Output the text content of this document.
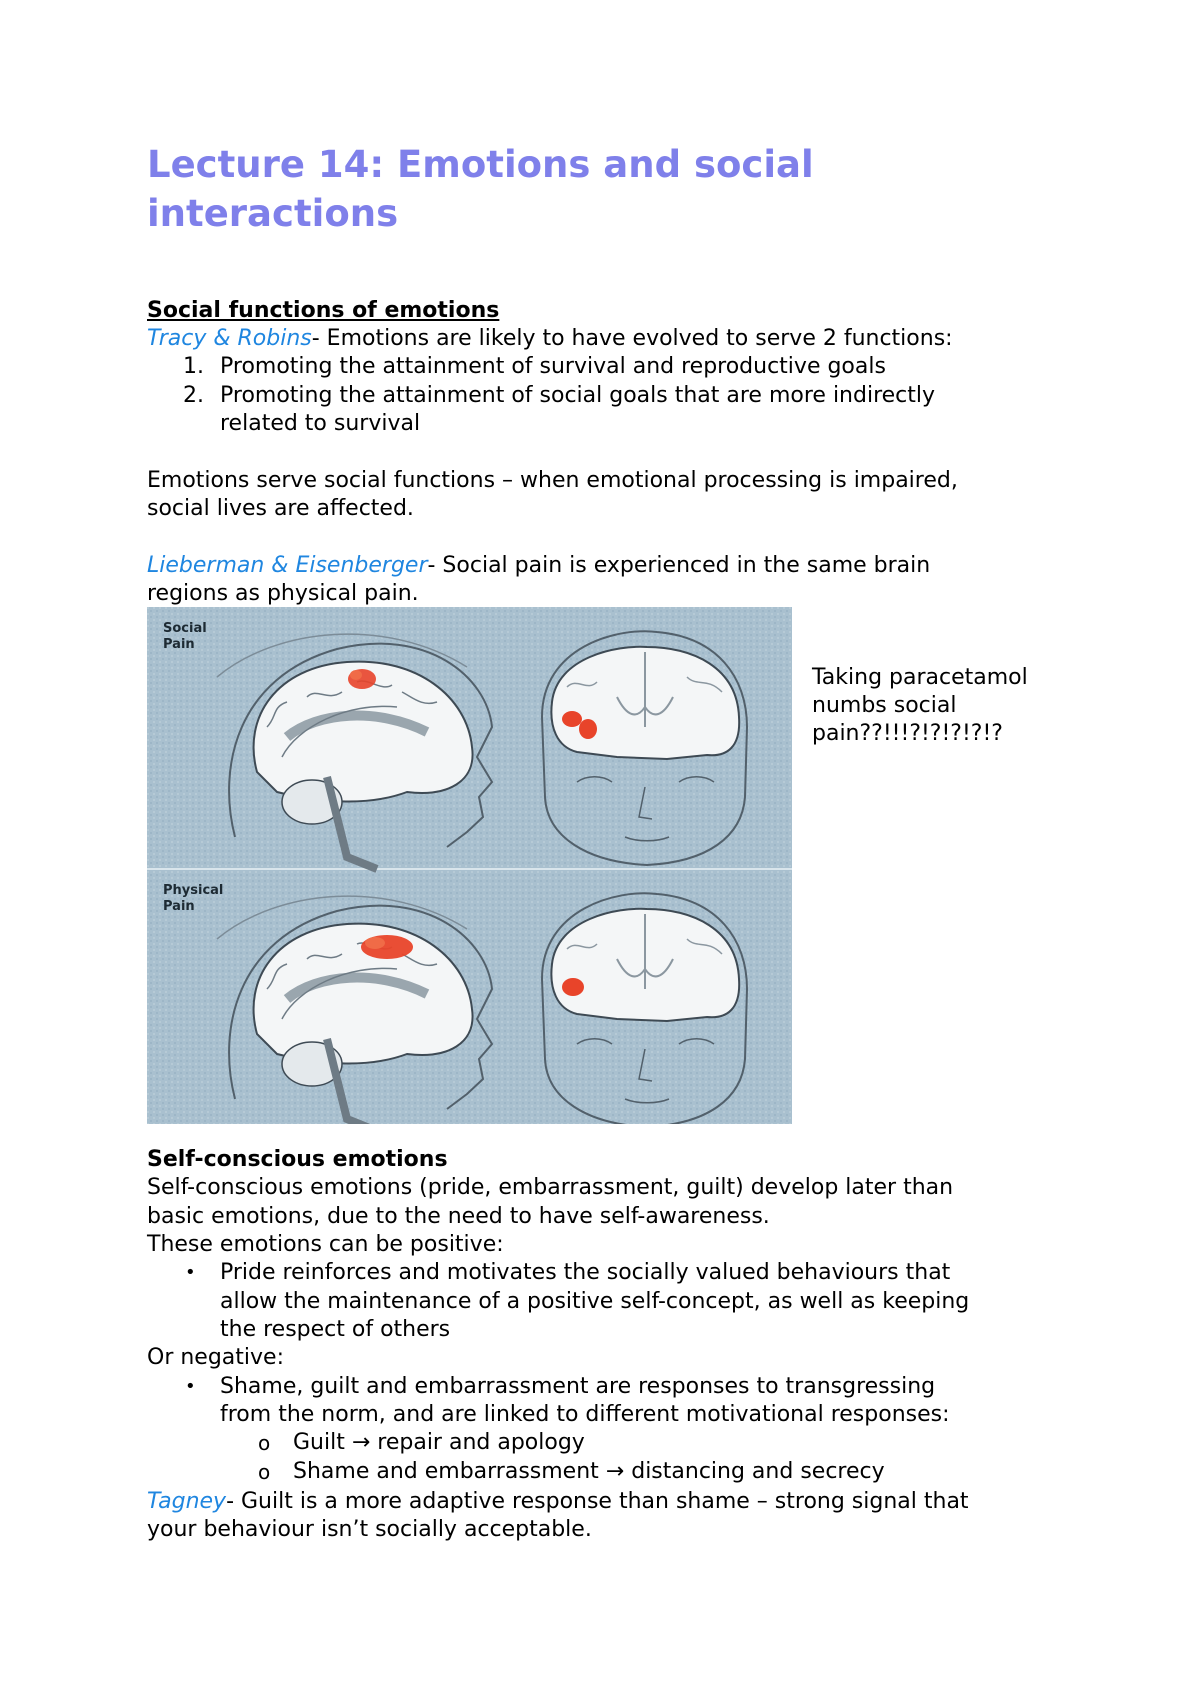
Lecture 14: Emotions and social interactions
Social functions of emotions
Tracy & Robins- Emotions are likely to have evolved to serve 2 functions:
1. Promoting the attainment of survival and reproductive goals
2. Promoting the attainment of social goals that are more indirectly
related to survival
Emotions serve social functions – when emotional processing is impaired,
social lives are affected.
Lieberman & Eisenberger- Social pain is experienced in the same brain
regions as physical pain.
Social
Pain
Physical
Pain
Taking paracetamol
numbs social
pain??!!!?!?!?!?!?
Self-conscious emotions
Self-conscious emotions (pride, embarrassment, guilt) develop later than
basic emotions, due to the need to have self-awareness.
These emotions can be positive:
• Pride reinforces and motivates the socially valued behaviours that
allow the maintenance of a positive self-concept, as well as keeping
the respect of others
Or negative:
• Shame, guilt and embarrassment are responses to transgressing
from the norm, and are linked to different motivational responses:
o Guilt → repair and apology
o Shame and embarrassment → distancing and secrecy
Tagney- Guilt is a more adaptive response than shame – strong signal that
your behaviour isn’t socially acceptable.
